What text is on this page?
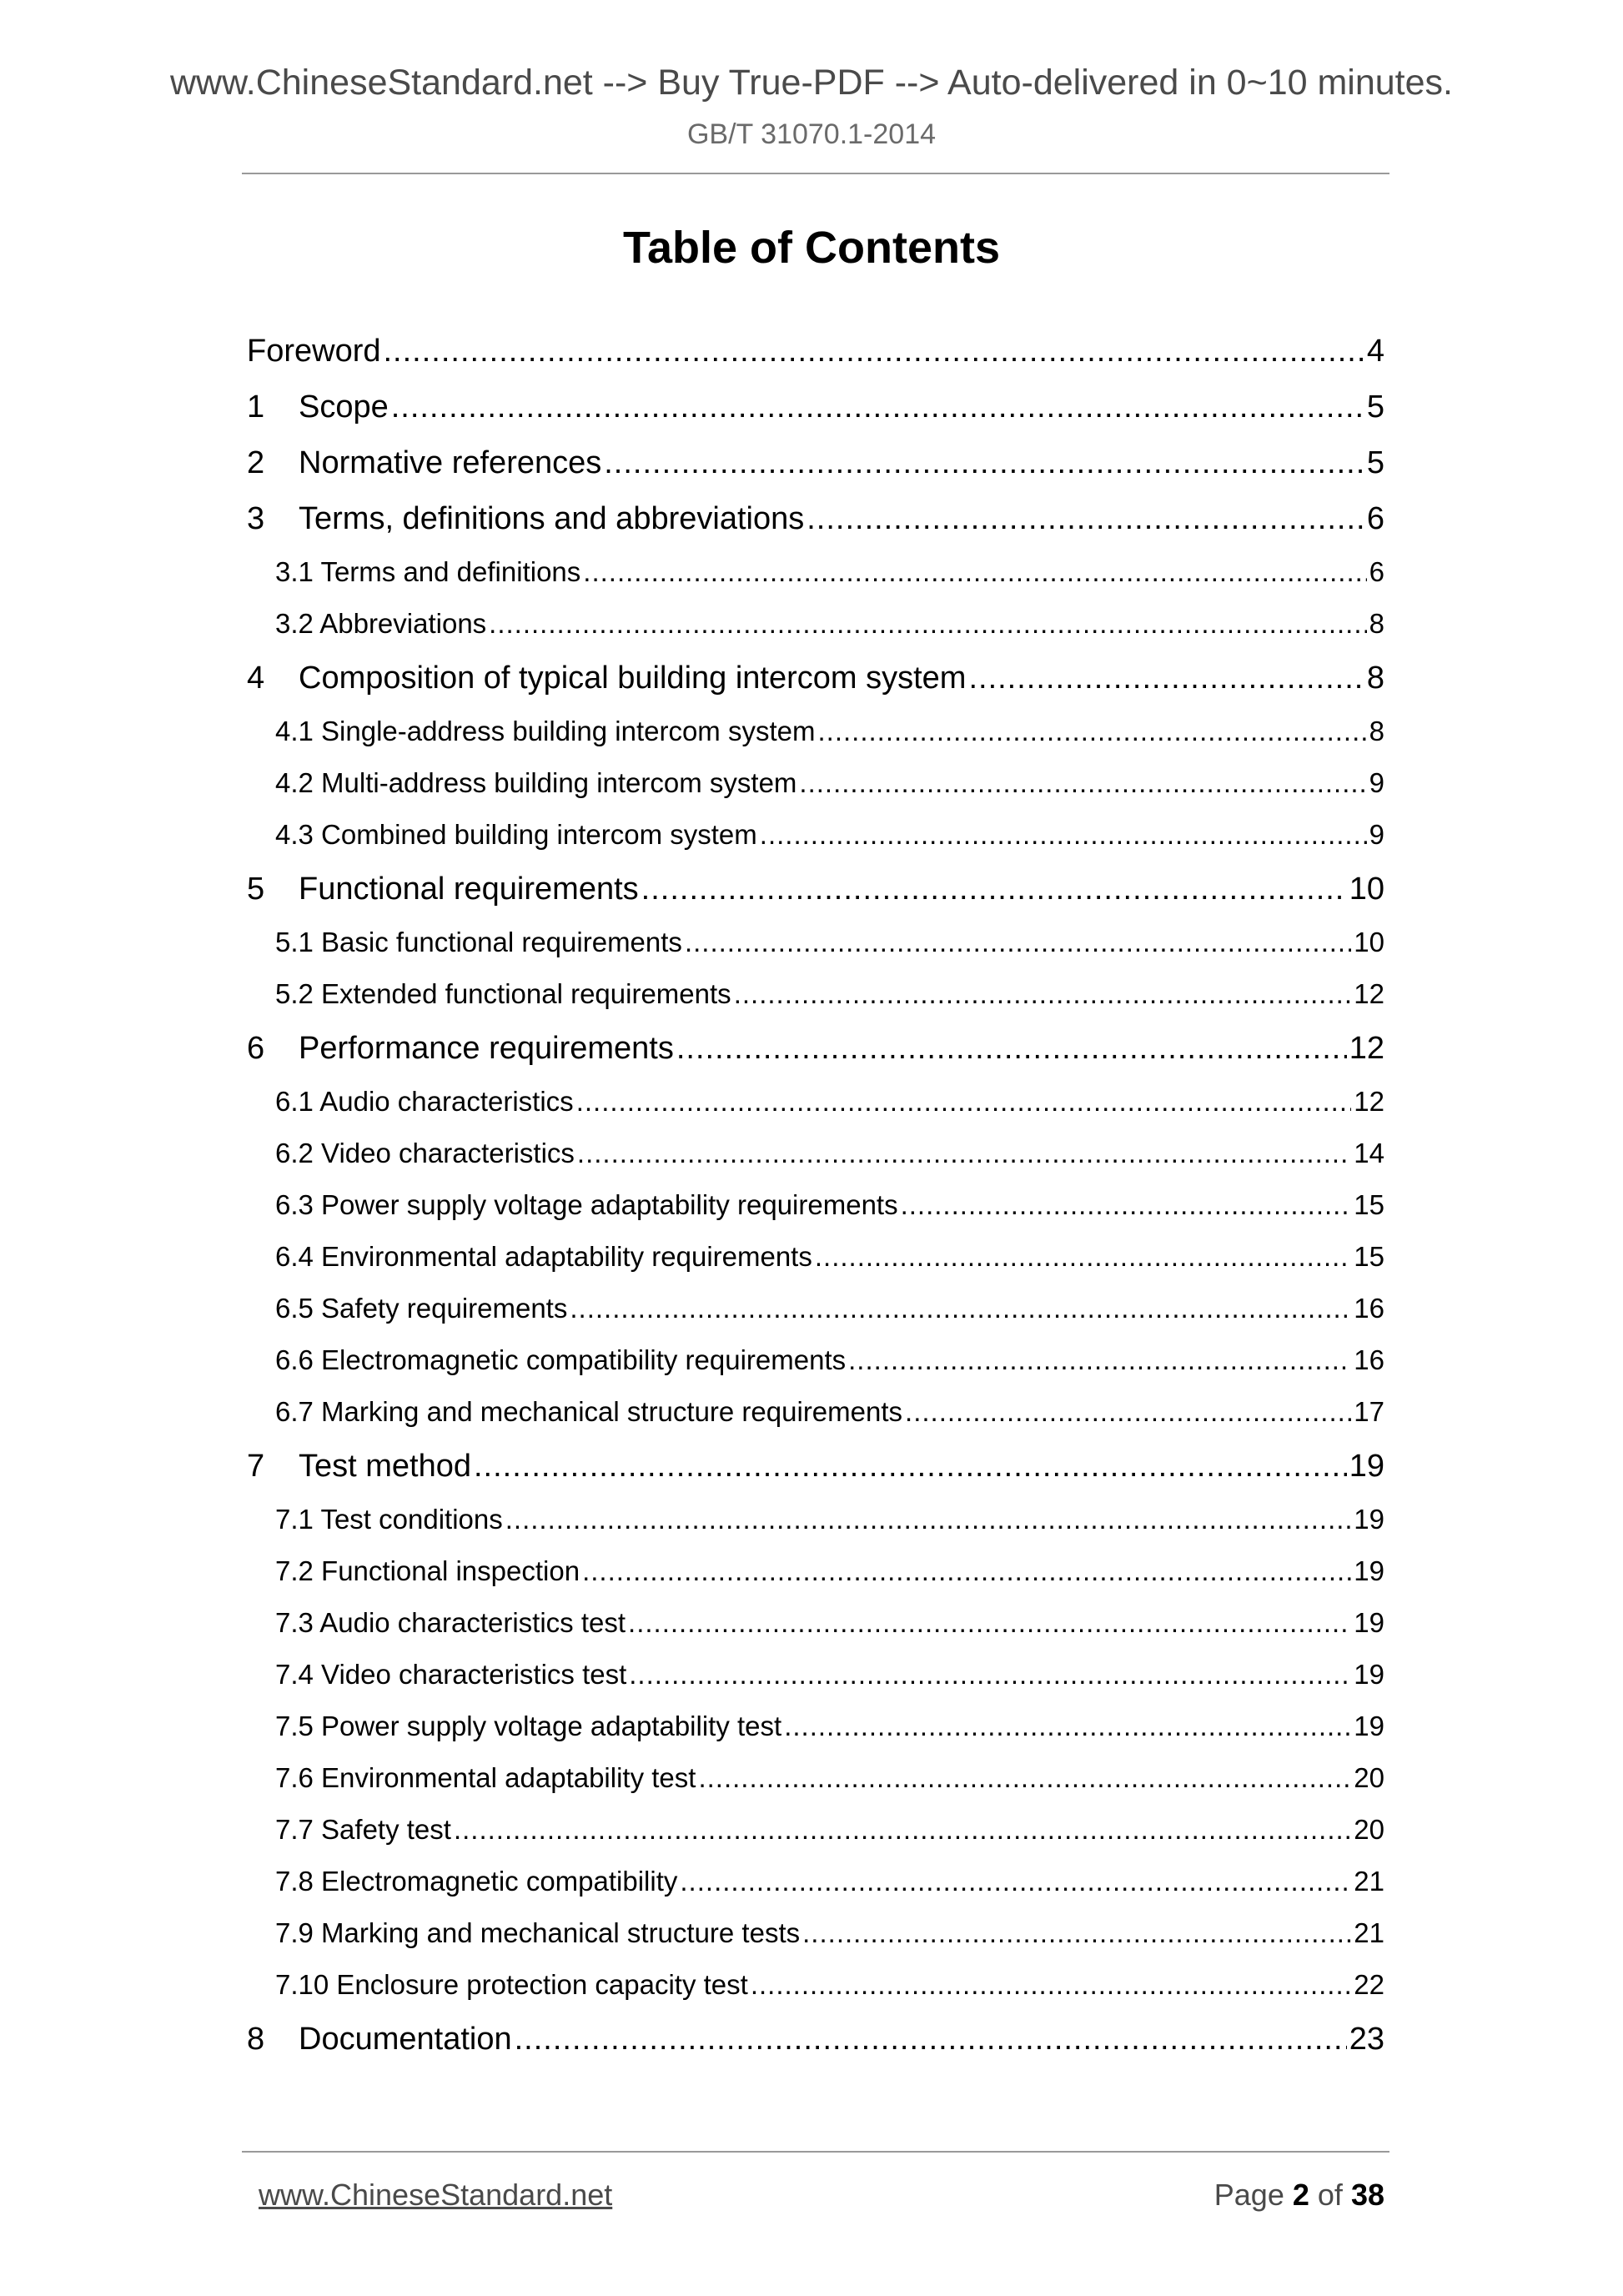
www.ChineseStandard.net --> Buy True-PDF --> Auto-delivered in 0~10 minutes.
GB/T 31070.1-2014
Table of Contents
Foreword .....	4
1	Scope .....	5
2	Normative references .....	5
3	Terms, definitions and abbreviations .....	6
3.1 Terms and definitions .....	6
3.2 Abbreviations .....	8
4	Composition of typical building intercom system .....	8
4.1 Single-address building intercom system .....	8
4.2 Multi-address building intercom system .....	9
4.3 Combined building intercom system .....	9
5	Functional requirements .....	10
5.1 Basic functional requirements .....	10
5.2 Extended functional requirements .....	12
6	Performance requirements .....	12
6.1 Audio characteristics .....	12
6.2 Video characteristics .....	14
6.3 Power supply voltage adaptability requirements .....	15
6.4 Environmental adaptability requirements .....	15
6.5 Safety requirements .....	16
6.6 Electromagnetic compatibility requirements .....	16
6.7 Marking and mechanical structure requirements .....	17
7	Test method .....	19
7.1 Test conditions .....	19
7.2 Functional inspection .....	19
7.3 Audio characteristics test .....	19
7.4 Video characteristics test .....	19
7.5 Power supply voltage adaptability test .....	19
7.6 Environmental adaptability test .....	20
7.7 Safety test .....	20
7.8 Electromagnetic compatibility .....	21
7.9 Marking and mechanical structure tests .....	21
7.10 Enclosure protection capacity test .....	22
8	Documentation .....	23
www.ChineseStandard.net	Page 2 of 38
